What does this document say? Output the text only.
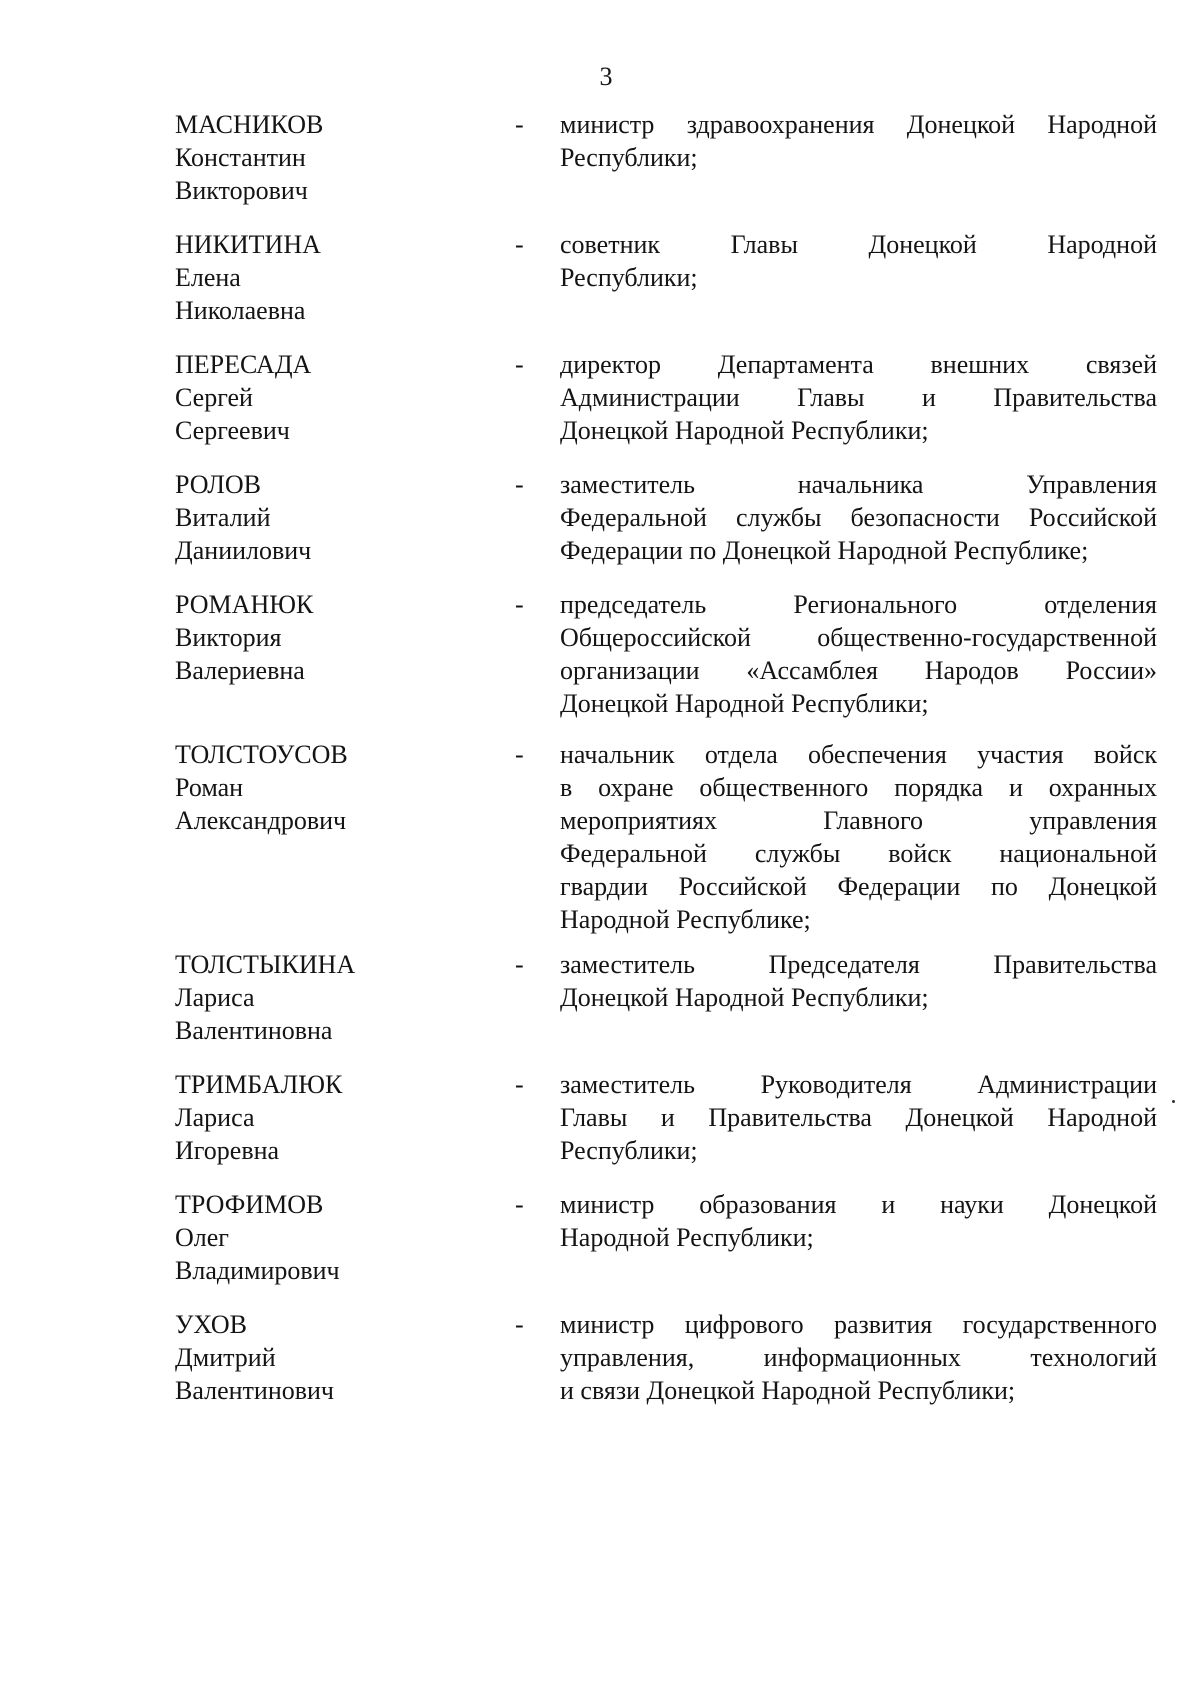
3
МАСНИКОВ
Константин
Викторович
- министр здравоохранения Донецкой Народной
Республики;
НИКИТИНА
Елена
Николаевна
- советник Главы Донецкой Народной
Республики;
ПЕРЕСАДА
Сергей
Сергеевич
- директор Департамента внешних связей
Администрации Главы и Правительства
Донецкой Народной Республики;
РОЛОВ
Виталий
Даниилович
- заместитель начальника Управления
Федеральной службы безопасности Российской
Федерации по Донецкой Народной Республике;
РОМАНЮК
Виктория
Валериевна
- председатель Регионального отделения
Общероссийской общественно-государственной
организации «Ассамблея Народов России»
Донецкой Народной Республики;
ТОЛСТОУСОВ
Роман
Александрович
- начальник отдела обеспечения участия войск
в охране общественного порядка и охранных
мероприятиях Главного управления
Федеральной службы войск национальной
гвардии Российской Федерации по Донецкой
Народной Республике;
ТОЛСТЫКИНА
Лариса
Валентиновна
- заместитель Председателя Правительства
Донецкой Народной Республики;
ТРИМБАЛЮК
Лариса
Игоревна
- заместитель Руководителя Администрации
Главы и Правительства Донецкой Народной
Республики;
ТРОФИМОВ
Олег
Владимирович
- министр образования и науки Донецкой
Народной Республики;
УХОВ
Дмитрий
Валентинович
- министр цифрового развития государственного
управления, информационных технологий
и связи Донецкой Народной Республики;
